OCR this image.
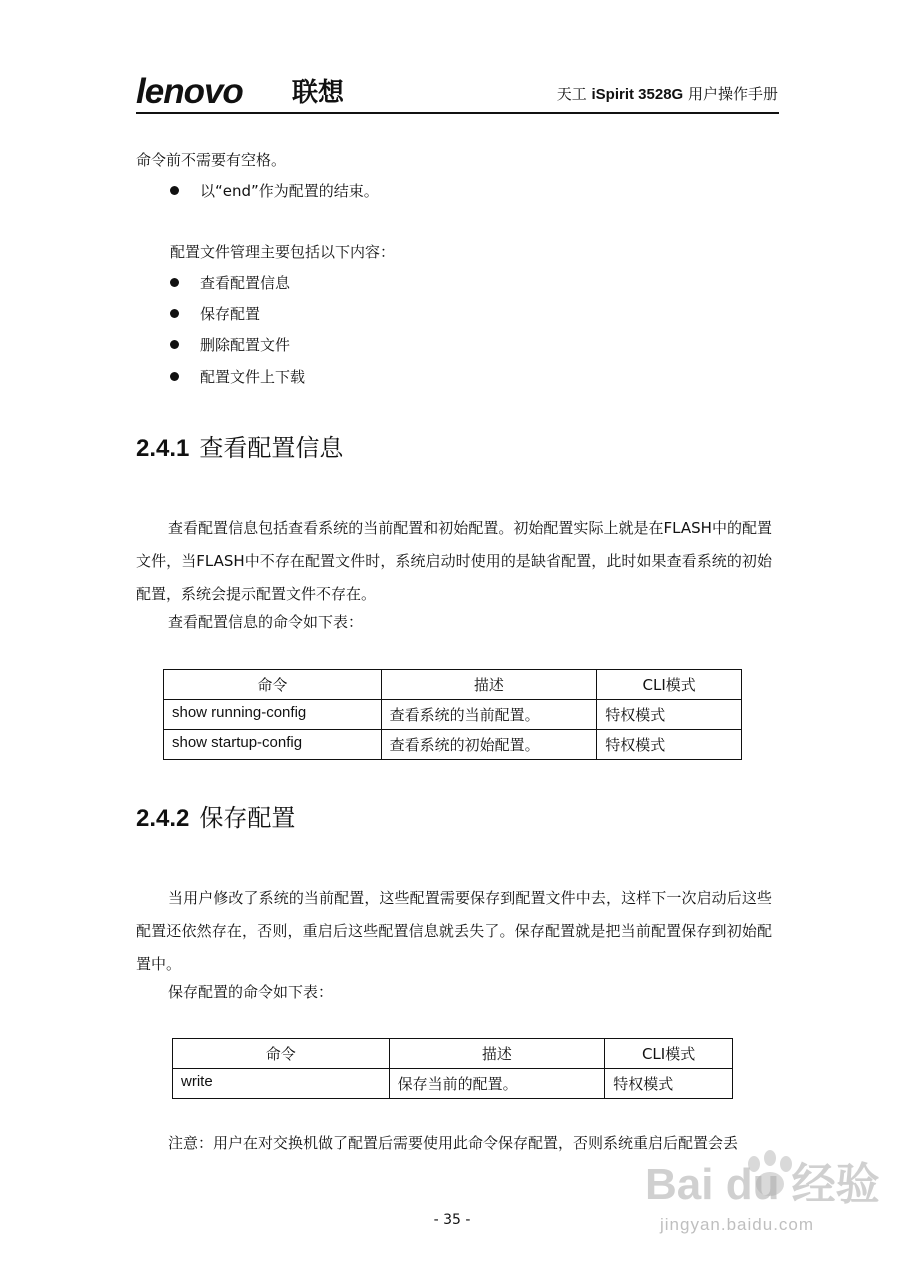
lenovo 联想	天工 iSpirit 3528G 用户操作手册
命令前不需要有空格。
以“end”作为配置的结束。
配置文件管理主要包括以下内容：
查看配置信息
保存配置
删除配置文件
配置文件上下载
2.4.1 查看配置信息
查看配置信息包括查看系统的当前配置和初始配置。初始配置实际上就是在FLASH中的配置文件，当FLASH中不存在配置文件时，系统启动时使用的是缺省配置，此时如果查看系统的初始配置，系统会提示配置文件不存在。
查看配置信息的命令如下表：
命令	描述	CLI模式
show running-config	查看系统的当前配置。	特权模式
show startup-config	查看系统的初始配置。	特权模式
2.4.2 保存配置
当用户修改了系统的当前配置，这些配置需要保存到配置文件中去，这样下一次启动后这些配置还依然存在，否则，重启后这些配置信息就丢失了。保存配置就是把当前配置保存到初始配置中。
保存配置的命令如下表：
命令	描述	CLI模式
write	保存当前的配置。	特权模式
注意：用户在对交换机做了配置后需要使用此命令保存配置，否则系统重启后配置会丢
- 35 -
Bai du 经验
jingyan.baidu.com
